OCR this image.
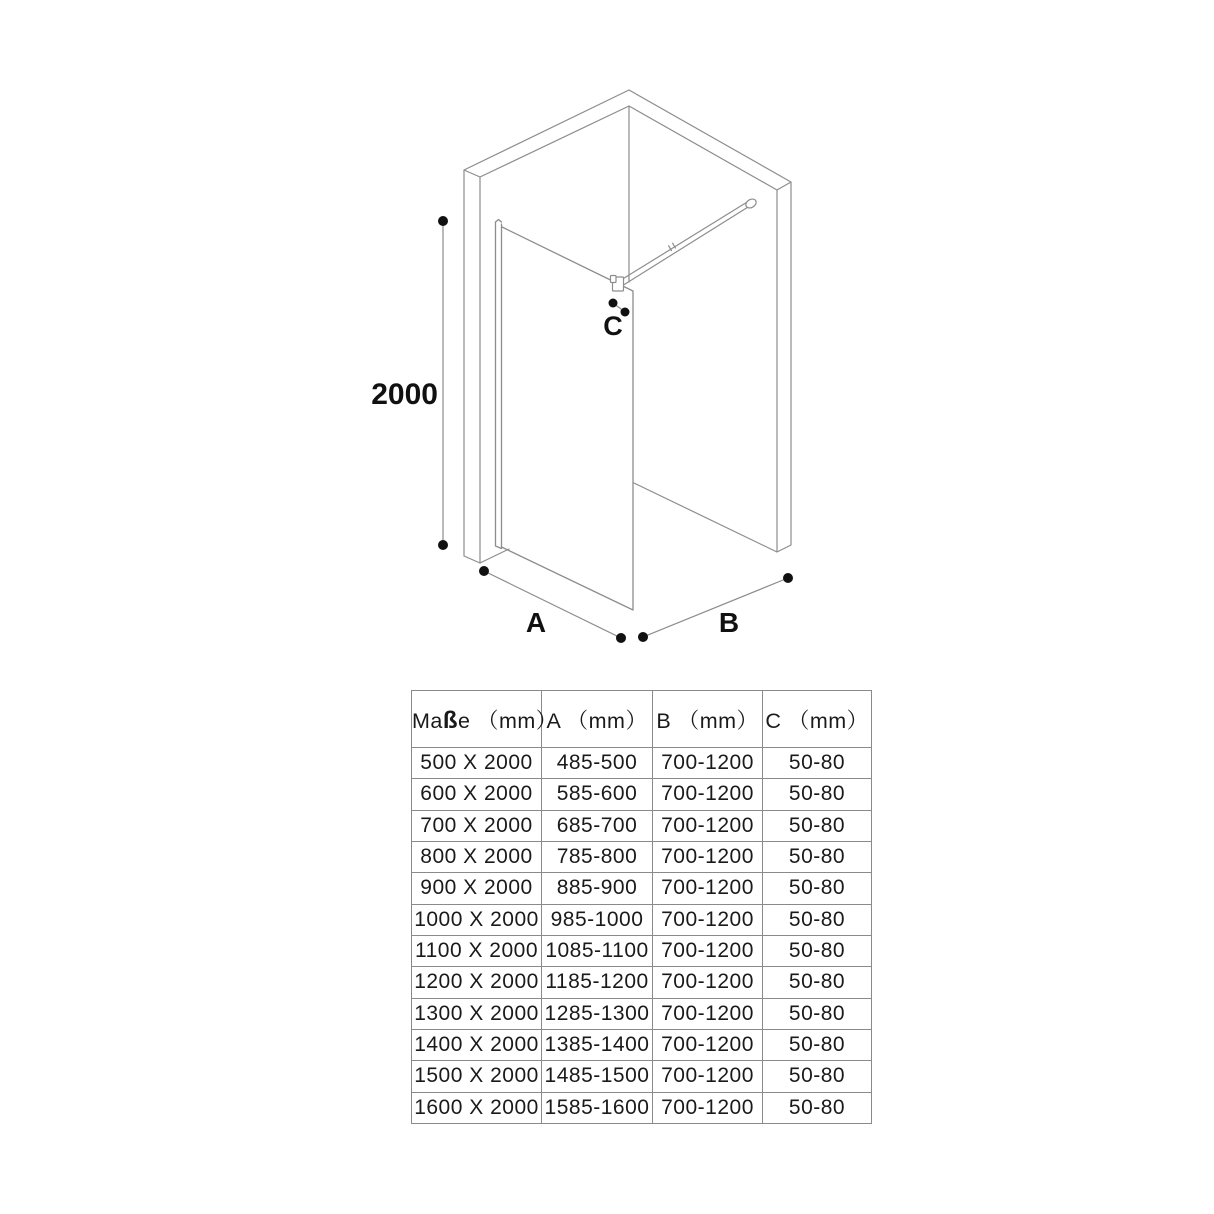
2000
A	B
C
Maße （mm）	A （mm）	B （mm）	C （mm）
500 X 2000	485-500	700-1200	50-80
600 X 2000	585-600	700-1200	50-80
700 X 2000	685-700	700-1200	50-80
800 X 2000	785-800	700-1200	50-80
900 X 2000	885-900	700-1200	50-80
1000 X 2000	985-1000	700-1200	50-80
1100 X 2000	1085-1100	700-1200	50-80
1200 X 2000	1185-1200	700-1200	50-80
1300 X 2000	1285-1300	700-1200	50-80
1400 X 2000	1385-1400	700-1200	50-80
1500 X 2000	1485-1500	700-1200	50-80
1600 X 2000	1585-1600	700-1200	50-80
